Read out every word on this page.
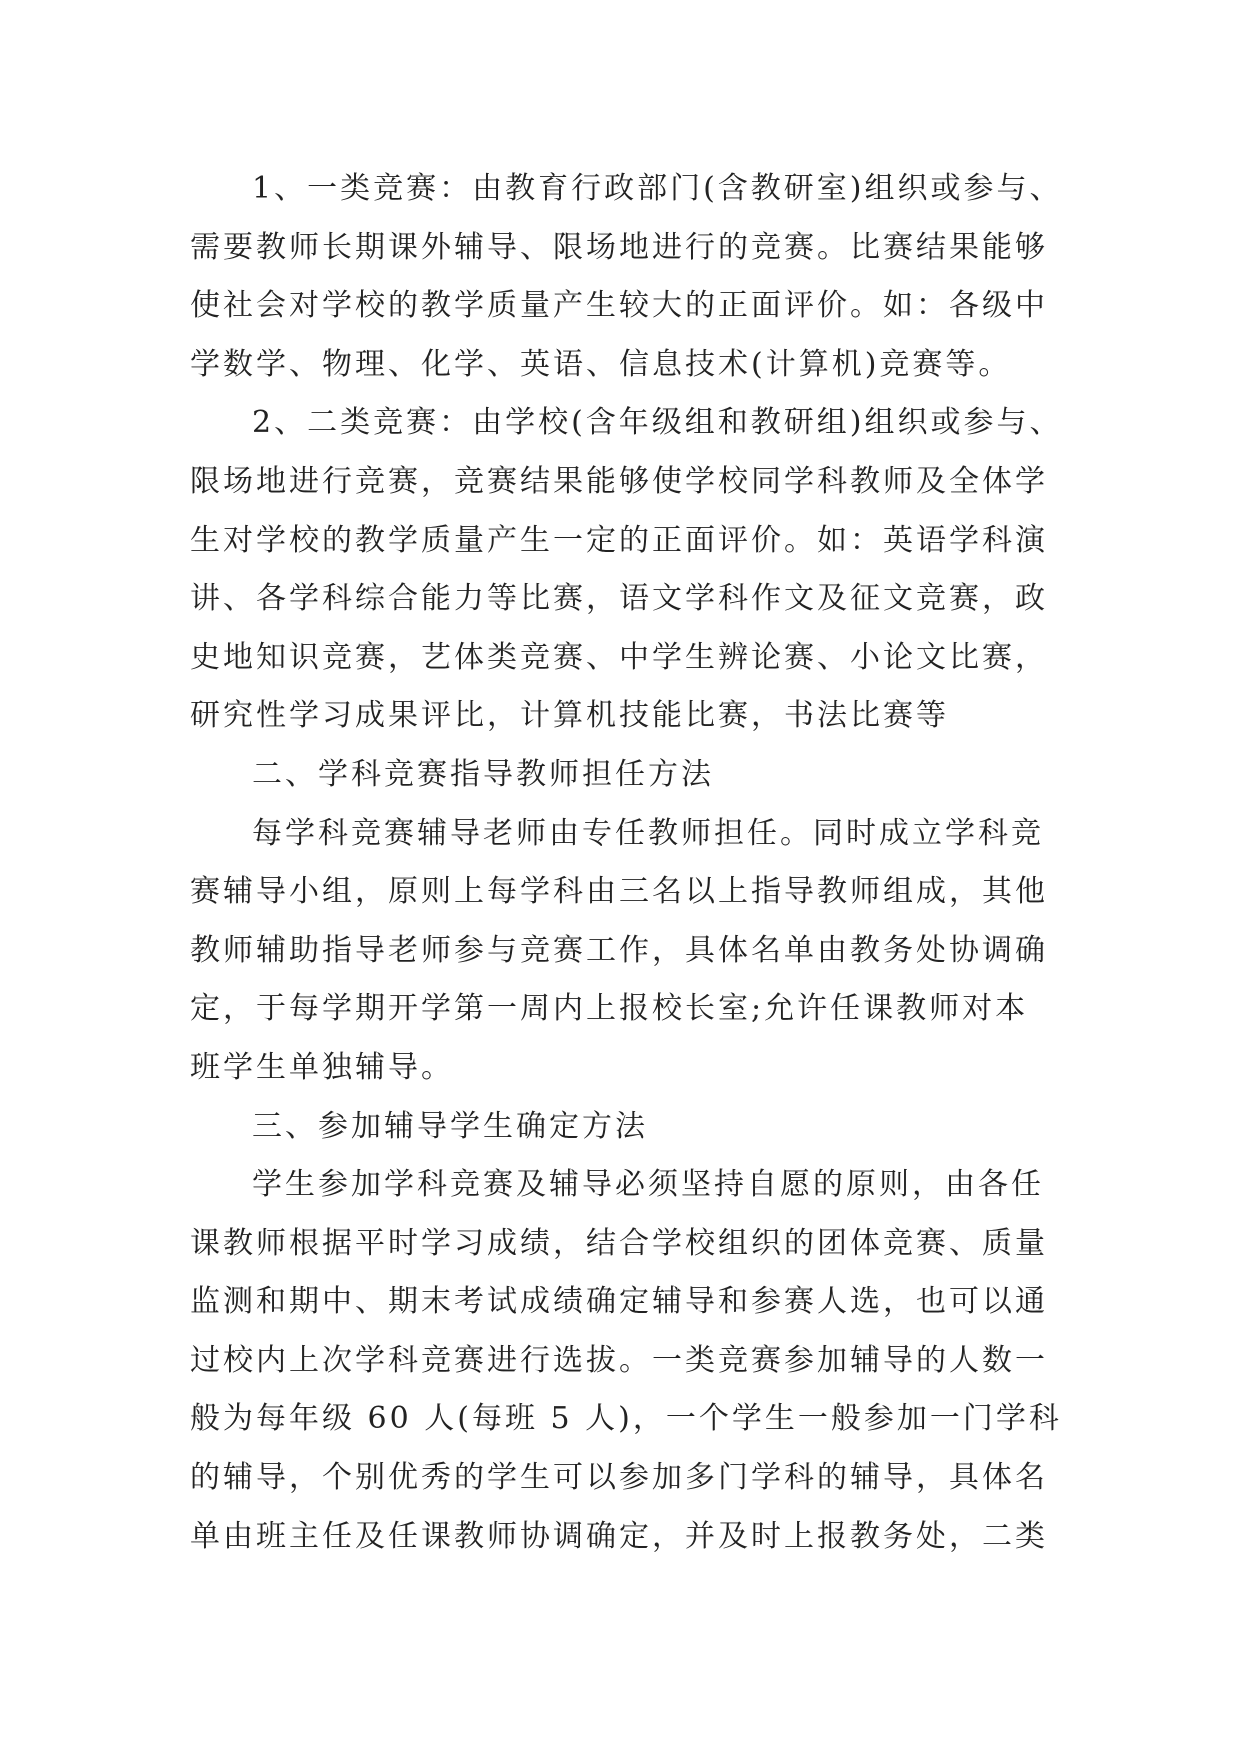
1、一类竞赛：由教育行政部门(含教研室)组织或参与、
需要教师长期课外辅导、限场地进行的竞赛。比赛结果能够
使社会对学校的教学质量产生较大的正面评价。如：各级中
学数学、物理、化学、英语、信息技术(计算机)竞赛等。
2、二类竞赛：由学校(含年级组和教研组)组织或参与、
限场地进行竞赛，竞赛结果能够使学校同学科教师及全体学
生对学校的教学质量产生一定的正面评价。如：英语学科演
讲、各学科综合能力等比赛，语文学科作文及征文竞赛，政
史地知识竞赛，艺体类竞赛、中学生辨论赛、小论文比赛，
研究性学习成果评比，计算机技能比赛，书法比赛等
二、学科竞赛指导教师担任方法
每学科竞赛辅导老师由专任教师担任。同时成立学科竞
赛辅导小组，原则上每学科由三名以上指导教师组成，其他
教师辅助指导老师参与竞赛工作，具体名单由教务处协调确
定，于每学期开学第一周内上报校长室;允许任课教师对本
班学生单独辅导。
三、参加辅导学生确定方法
学生参加学科竞赛及辅导必须坚持自愿的原则，由各任
课教师根据平时学习成绩，结合学校组织的团体竞赛、质量
监测和期中、期末考试成绩确定辅导和参赛人选，也可以通
过校内上次学科竞赛进行选拔。一类竞赛参加辅导的人数一
般为每年级 60 人(每班 5 人)，一个学生一般参加一门学科
的辅导，个别优秀的学生可以参加多门学科的辅导，具体名
单由班主任及任课教师协调确定，并及时上报教务处，二类
